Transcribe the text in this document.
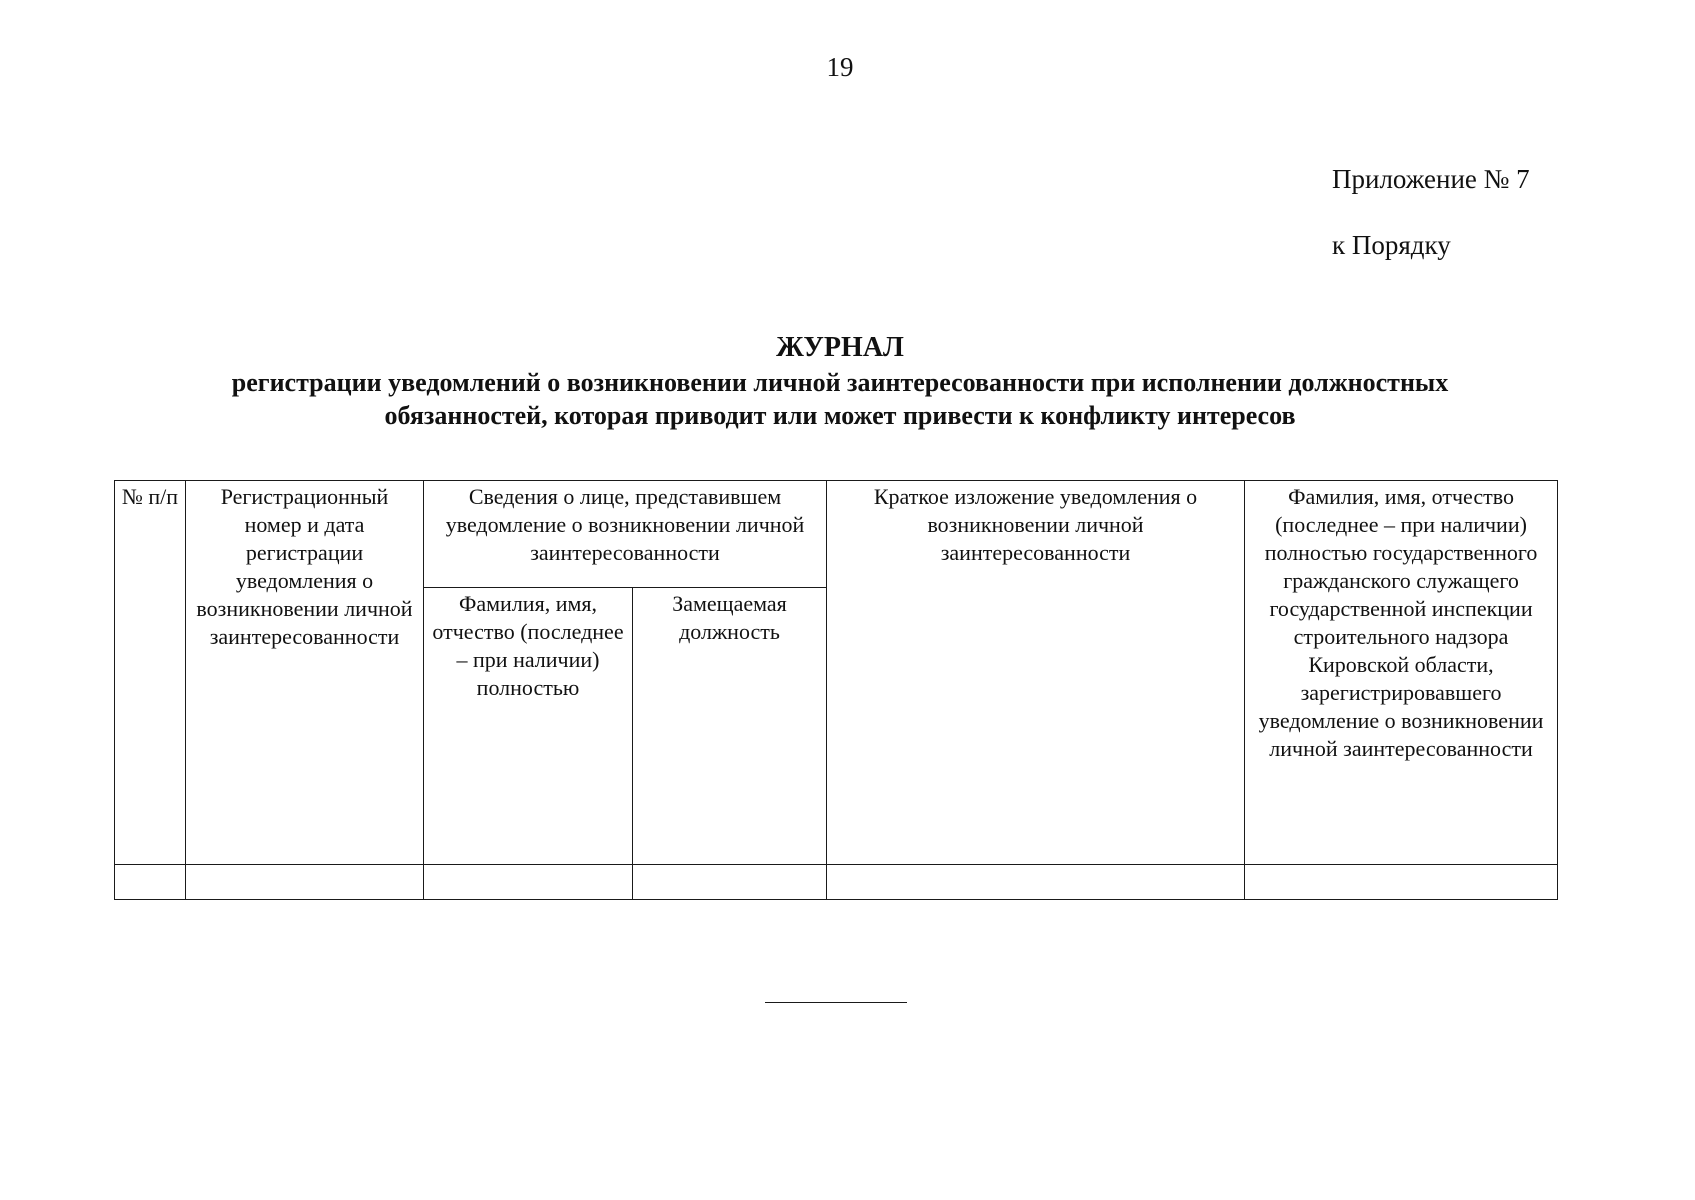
19
Приложение № 7
к Порядку
ЖУРНАЛ
регистрации уведомлений о возникновении личной заинтересованности при исполнении должностных обязанностей, которая приводит или может привести к конфликту интересов
№ п/п	Регистрационный номер и дата регистрации уведомления о возникновении личной заинтересованности	Сведения о лице, представившем уведомление о возникновении личной заинтересованности		Краткое изложение уведомления о возникновении личной заинтересованности	Фамилия, имя, отчество (последнее – при наличии) полностью государственного гражданского служащего государственной инспекции строительного надзора Кировской области, зарегистрировавшего уведомление о возникновении личной заинтересованности
		Фамилия, имя, отчество (последнее – при наличии) полностью	Замещаемая должность		
